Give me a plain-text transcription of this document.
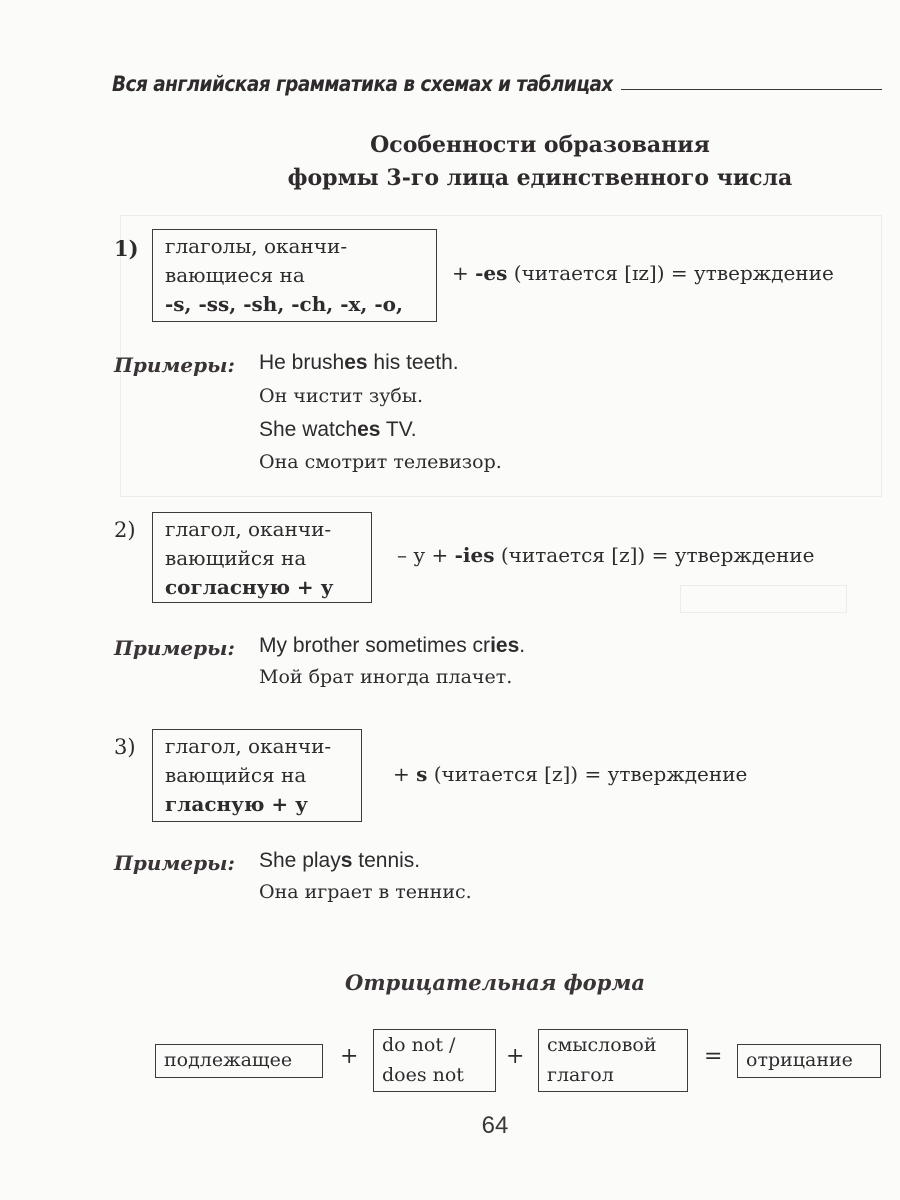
Вся английская грамматика в схемах и таблицах
Особенности образования
формы 3-го лица единственного числа
1) глаголы, оканчи-
вающиеся на
-s, -ss, -sh, -ch, -x, -o,
+ -es (читается [ɪz]) = утверждение
Примеры: He brushes his teeth.
Он чистит зубы.
She watches TV.
Она смотрит телевизор.
2) глагол, оканчи-
вающийся на
согласную + у
– у + -ies (читается [z]) = утверждение
Примеры: My brother sometimes cries.
Мой брат иногда плачет.
3) глагол, оканчи-
вающийся на
гласную + у
+ s (читается [z]) = утверждение
Примеры: She plays tennis.
Она играет в теннис.
Отрицательная форма
подлежащее	+ do not /
does not
+ смысловой
глагол
=	отрицание
64
